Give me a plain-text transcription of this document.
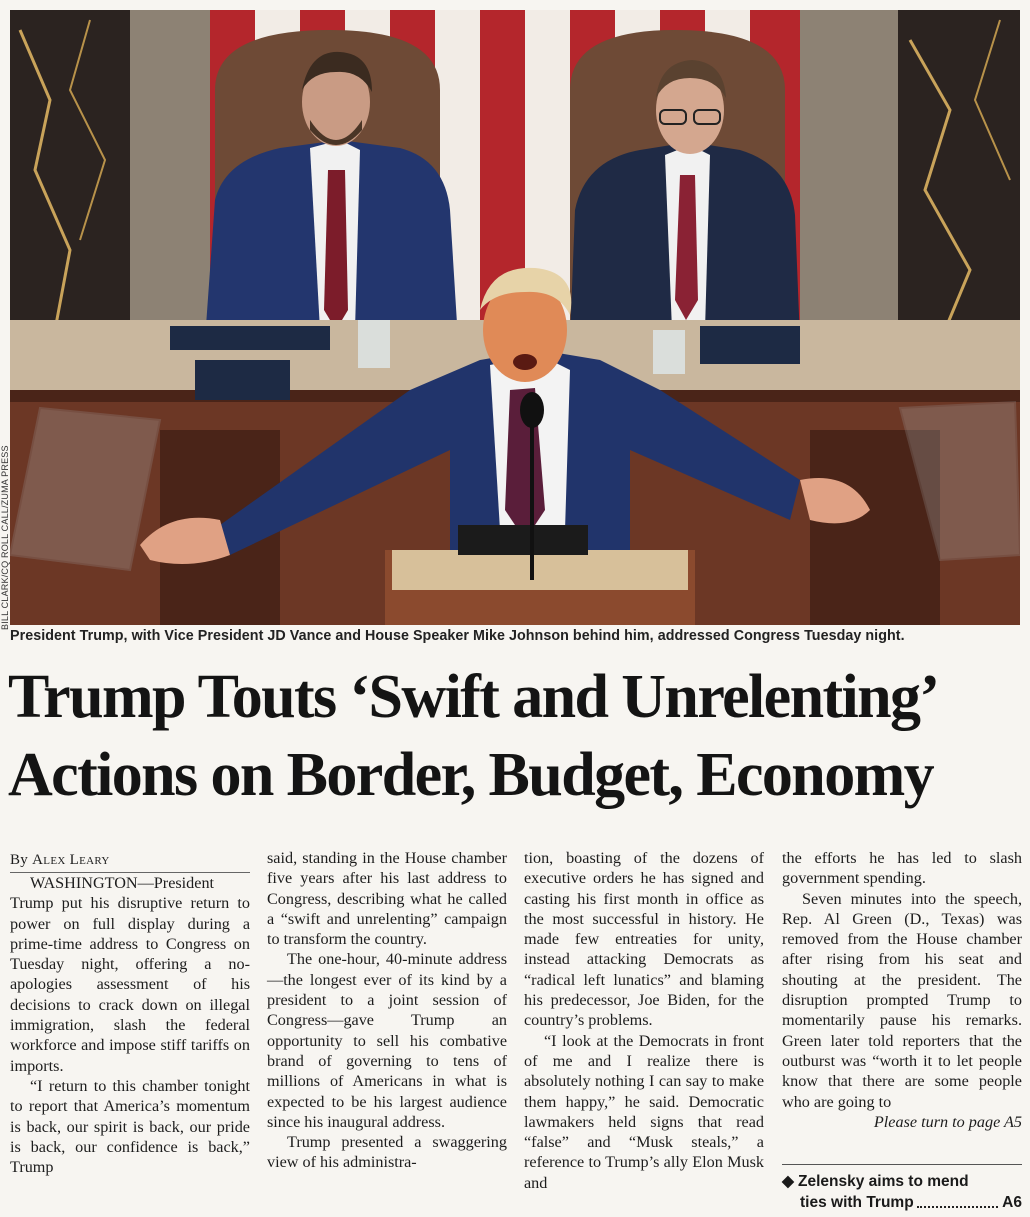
BILL CLARK/CQ ROLL CALL/ZUMA PRESS
President Trump, with Vice President JD Vance and House Speaker Mike Johnson behind him, addressed Congress Tuesday night.
Trump Touts ‘Swift and Unrelenting’
Actions on Border, Budget, Economy

By Alex Leary

WASHINGTON—President Trump put his disruptive return to power on full display during a prime-time address to Congress on Tuesday night, offering a no-apologies assessment of his decisions to crack down on illegal immigration, slash the federal workforce and impose stiff tariffs on imports.

“I return to this chamber tonight to report that America’s momentum is back, our spirit is back, our pride is back, our confidence is back,” Trump

said, standing in the House chamber five years after his last address to Congress, describing what he called a “swift and unrelenting” campaign to transform the country.

The one-hour, 40-minute address—the longest ever of its kind by a president to a joint session of Congress—gave Trump an opportunity to sell his combative brand of governing to tens of millions of Americans in what is expected to be his largest audience since his inaugural address.

Trump presented a swaggering view of his administra-

tion, boasting of the dozens of executive orders he has signed and casting his first month in office as the most successful in history. He made few entreaties for unity, instead attacking Democrats as “radical left lunatics” and blaming his predecessor, Joe Biden, for the country’s problems.

“I look at the Democrats in front of me and I realize there is absolutely nothing I can say to make them happy,” he said. Democratic lawmakers held signs that read “false” and “Musk steals,” a reference to Trump’s ally Elon Musk and

the efforts he has led to slash government spending.

Seven minutes into the speech, Rep. Al Green (D., Texas) was removed from the House chamber after rising from his seat and shouting at the president. The disruption prompted Trump to momentarily pause his remarks. Green later told reporters that the outburst was “worth it to let people know that there are some people who are going to

Please turn to page A5

◆ Zelensky aims to mend
ties with Trump	A6
